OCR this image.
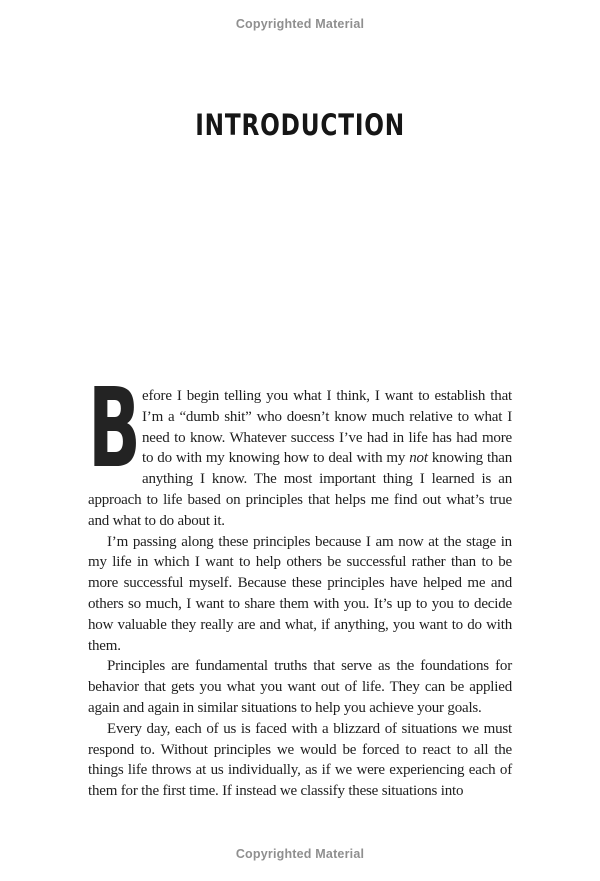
Copyrighted Material
INTRODUCTION

Before I begin telling you what I think, I want to establish that I’m a “dumb shit” who doesn’t know much relative to what I need to know. Whatever success I’ve had in life has had more to do with my knowing how to deal with my not knowing than anything I know. The most important thing I learned is an approach to life based on principles that helps me find out what’s true and what to do about it.

I’m passing along these principles because I am now at the stage in my life in which I want to help others be successful rather than to be more successful myself. Because these principles have helped me and others so much, I want to share them with you. It’s up to you to decide how valuable they really are and what, if anything, you want to do with them.

Principles are fundamental truths that serve as the foundations for behavior that gets you what you want out of life. They can be applied again and again in similar situations to help you achieve your goals.

Every day, each of us is faced with a blizzard of situations we must respond to. Without principles we would be forced to react to all the things life throws at us individually, as if we were experiencing each of them for the first time. If instead we classify these situations into

Copyrighted Material
